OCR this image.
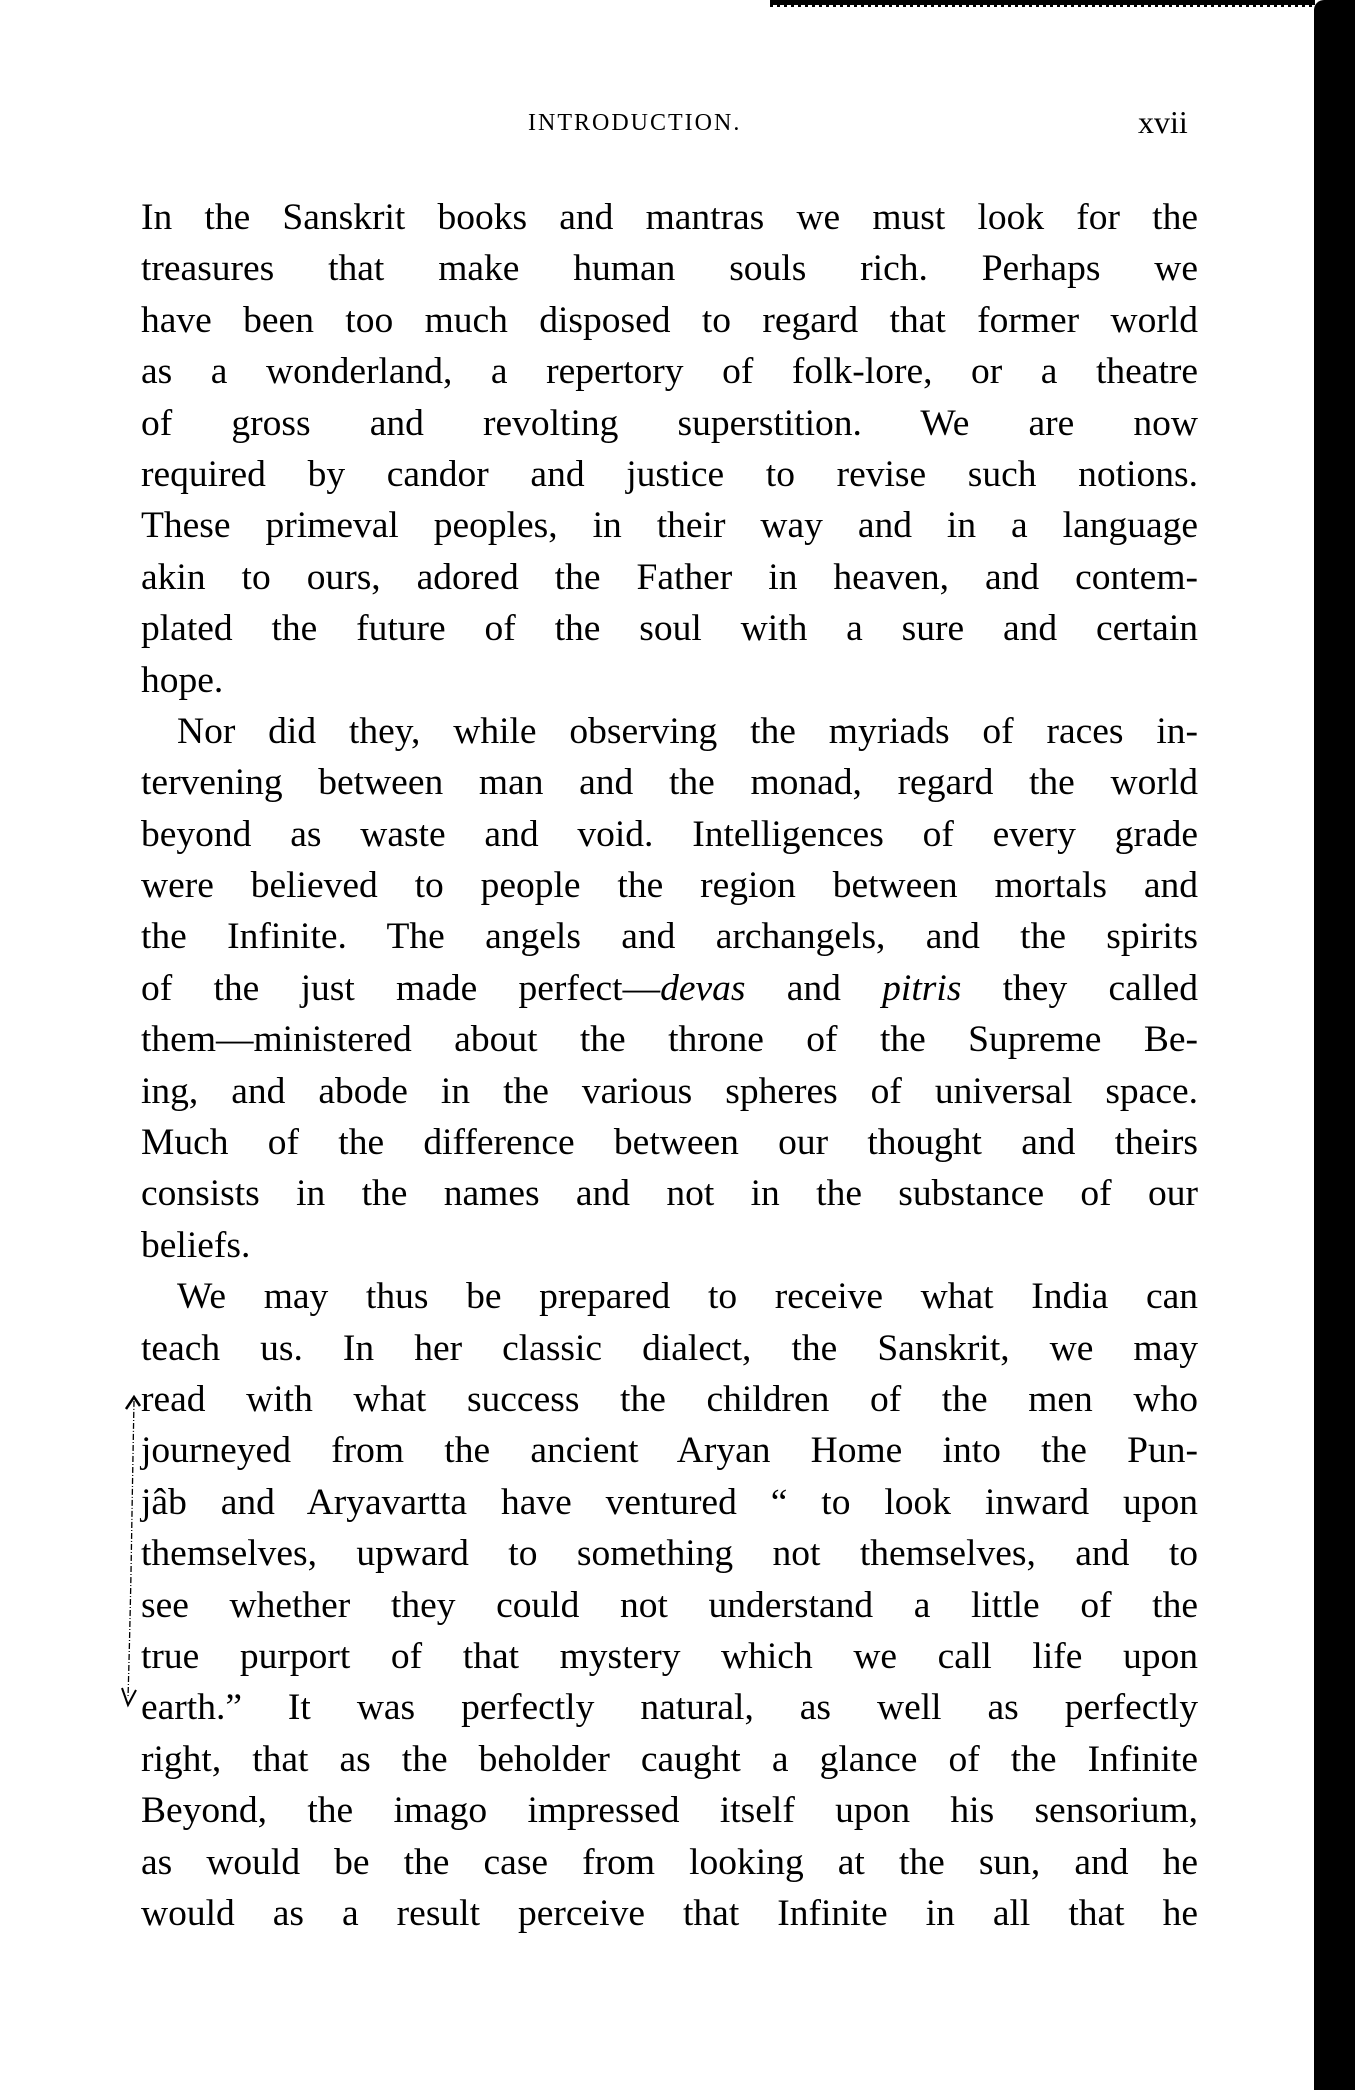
INTRODUCTION.	xvii
In the Sanskrit books and mantras we must look for the
treasures that make human souls rich. Perhaps we
have been too much disposed to regard that former world
as a wonderland, a repertory of folk-lore, or a theatre
of gross and revolting superstition. We are now
required by candor and justice to revise such notions.
These primeval peoples, in their way and in a language
akin to ours, adored the Father in heaven, and contem-
plated the future of the soul with a sure and certain
hope.
Nor did they, while observing the myriads of races in-
tervening between man and the monad, regard the world
beyond as waste and void. Intelligences of every grade
were believed to people the region between mortals and
the Infinite. The angels and archangels, and the spirits
of the just made perfect—devas and pitris they called
them—ministered about the throne of the Supreme Be-
ing, and abode in the various spheres of universal space.
Much of the difference between our thought and theirs
consists in the names and not in the substance of our
beliefs.
We may thus be prepared to receive what India can
teach us. In her classic dialect, the Sanskrit, we may
read with what success the children of the men who
journeyed from the ancient Aryan Home into the Pun-
jâb and Aryavartta have ventured “ to look inward upon
themselves, upward to something not themselves, and to
see whether they could not understand a little of the
true purport of that mystery which we call life upon
earth.” It was perfectly natural, as well as perfectly
right, that as the beholder caught a glance of the Infinite
Beyond, the imago impressed itself upon his sensorium,
as would be the case from looking at the sun, and he
would as a result perceive that Infinite in all that he
